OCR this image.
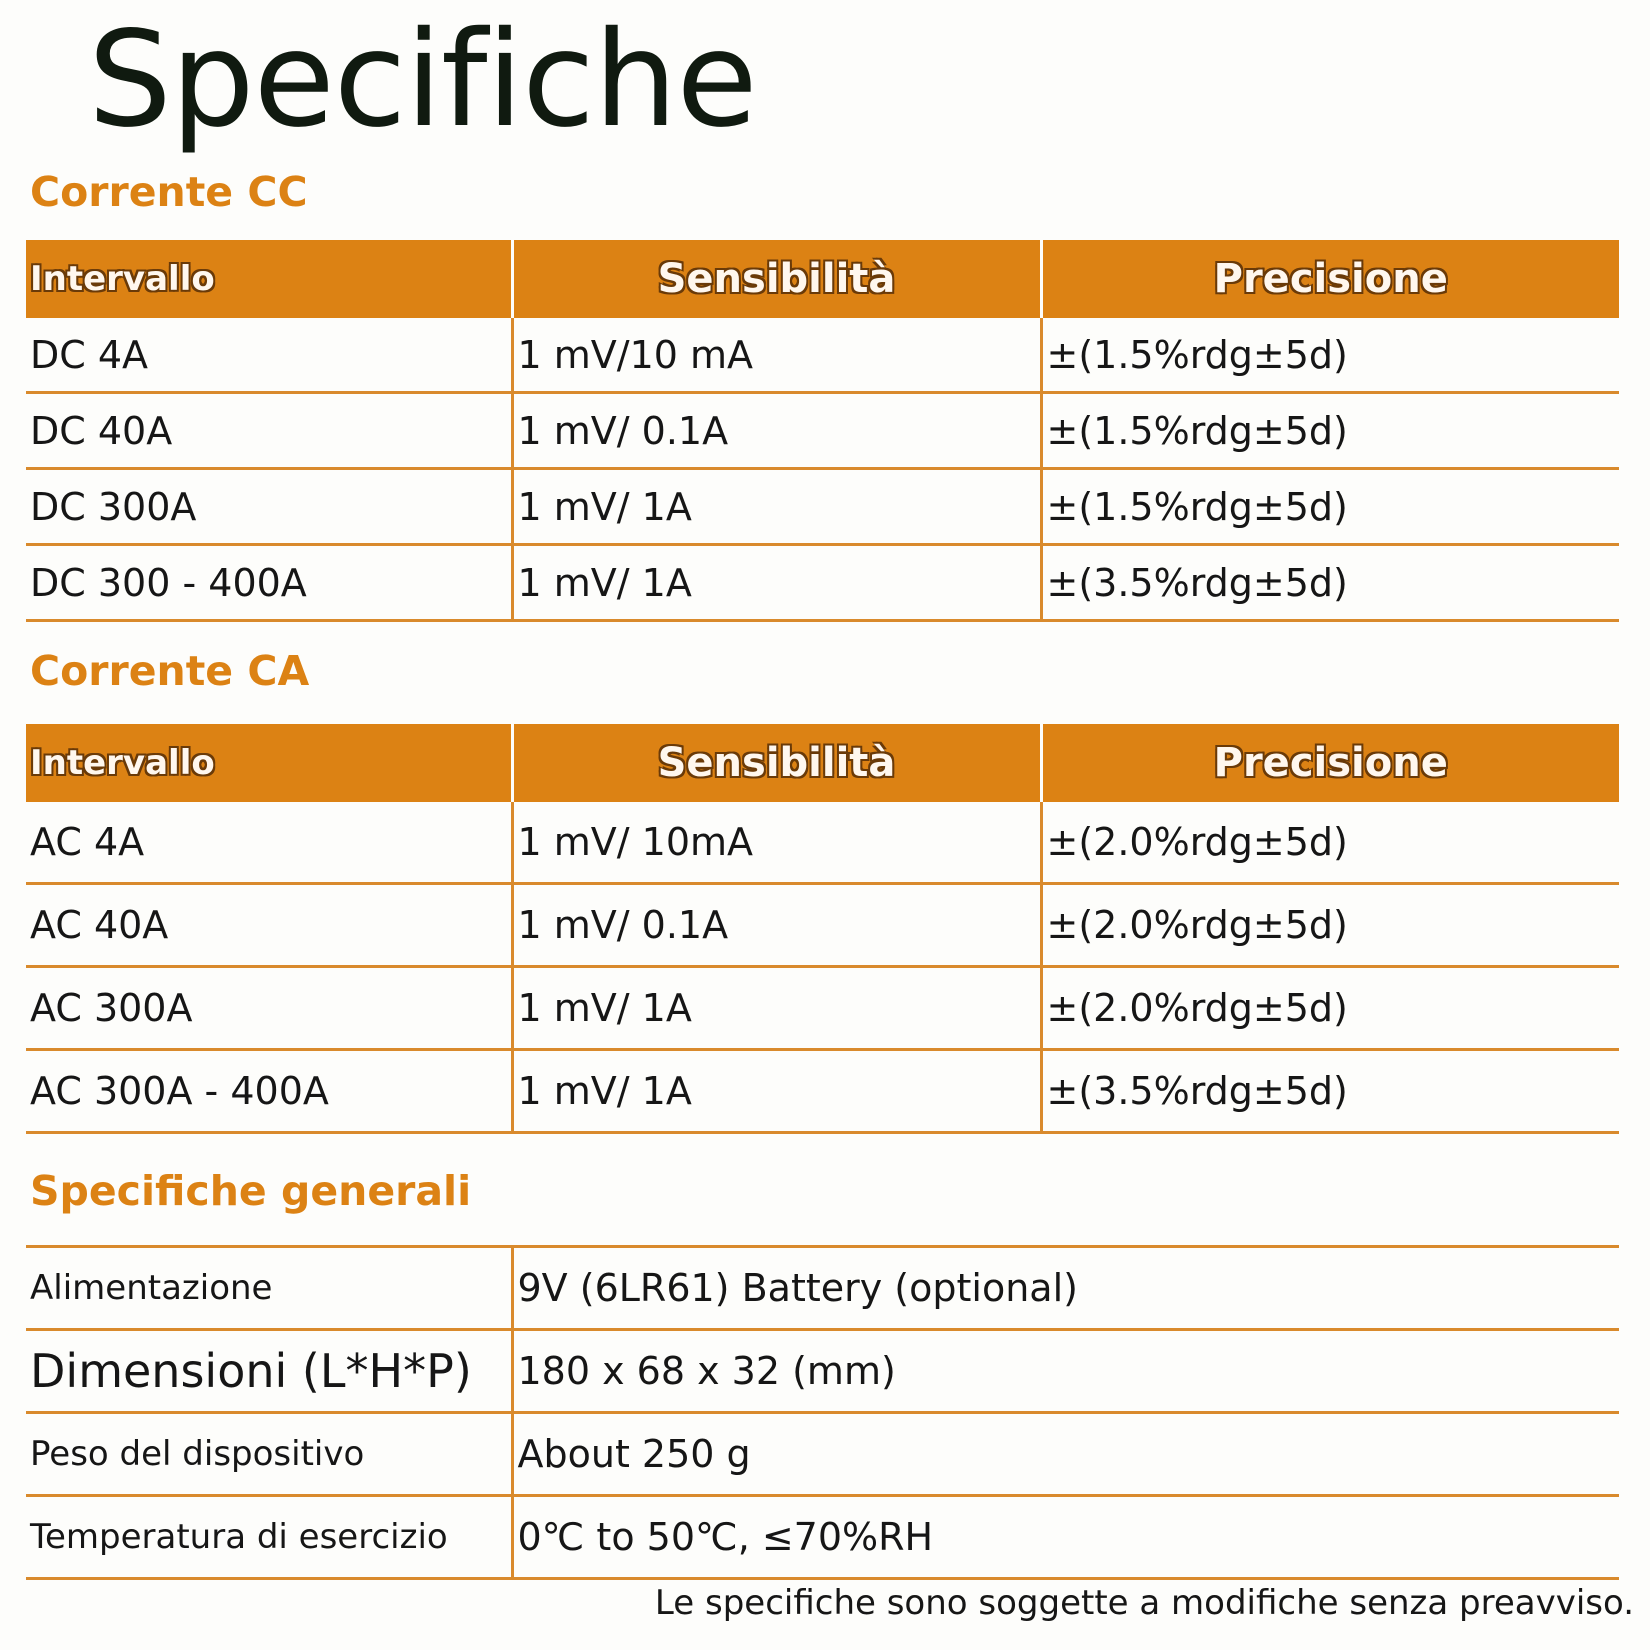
Specifiche
Corrente CC
Intervallo	Sensibilità	Precisione
DC 4A	1 mV/10 mA	±(1.5%rdg±5d)
DC 40A	1 mV/ 0.1A	±(1.5%rdg±5d)
DC 300A	1 mV/ 1A	±(1.5%rdg±5d)
DC 300 - 400A	1 mV/ 1A	±(3.5%rdg±5d)
Corrente CA
Intervallo	Sensibilità	Precisione
AC 4A	1 mV/ 10mA	±(2.0%rdg±5d)
AC 40A	1 mV/ 0.1A	±(2.0%rdg±5d)
AC 300A	1 mV/ 1A	±(2.0%rdg±5d)
AC 300A - 400A	1 mV/ 1A	±(3.5%rdg±5d)
Specifiche generali
Alimentazione	9V (6LR61) Battery (optional)
Dimensioni (L*H*P)	180 x 68 x 32 (mm)
Peso del dispositivo	About 250 g
Temperatura di esercizio	0℃ to 50℃, ≤70%RH
Le specifiche sono soggette a modifiche senza preavviso.
